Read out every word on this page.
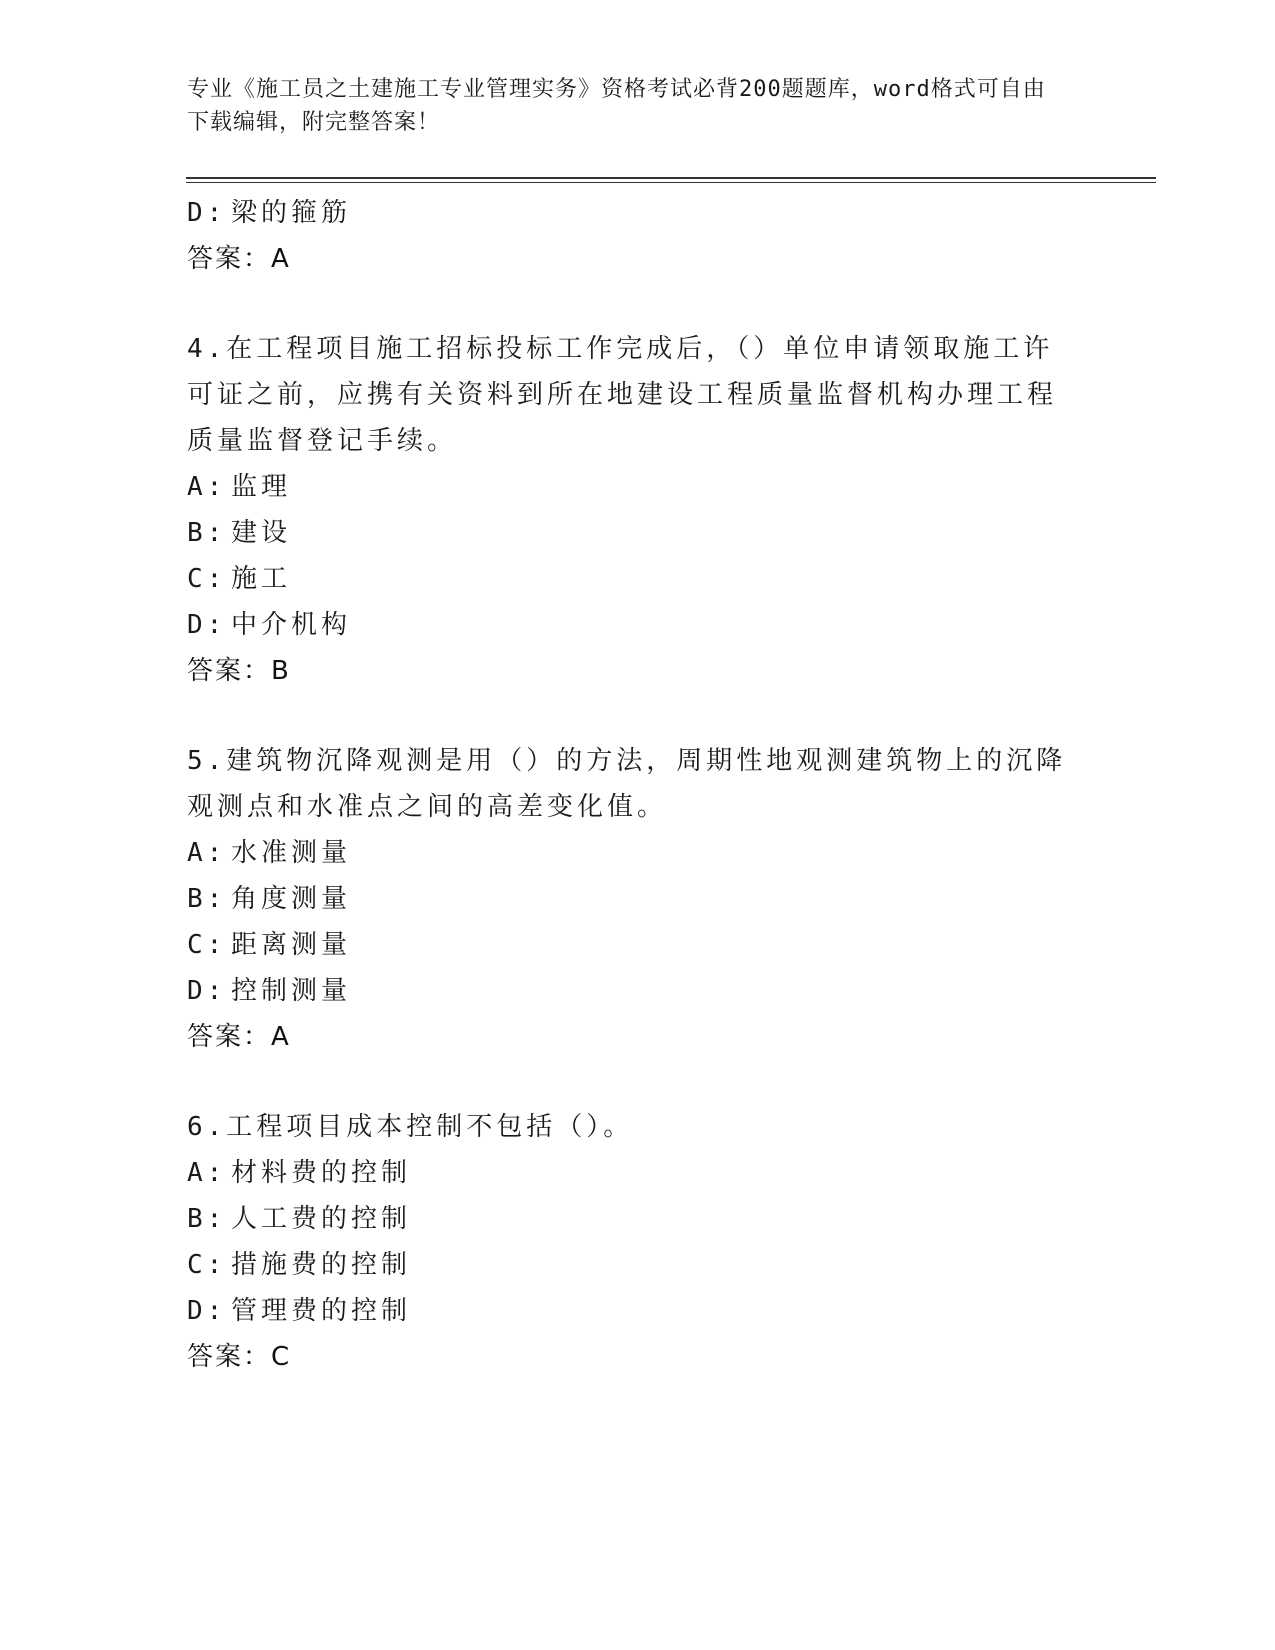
专业《施工员之土建施工专业管理实务》资格考试必背200题题库，word格式可自由下载编辑，附完整答案！
D: 梁的箍筋
答案：A
4.在工程项目施工招标投标工作完成后，（）单位申请领取施工许可证之前，应携有关资料到所在地建设工程质量监督机构办理工程质量监督登记手续。
A: 监理
B: 建设
C: 施工
D: 中介机构
答案：B
5.建筑物沉降观测是用（）的方法，周期性地观测建筑物上的沉降观测点和水准点之间的高差变化值。
A: 水准测量
B: 角度测量
C: 距离测量
D: 控制测量
答案：A
6.工程项目成本控制不包括（）。
A: 材料费的控制
B: 人工费的控制
C: 措施费的控制
D: 管理费的控制
答案：C
